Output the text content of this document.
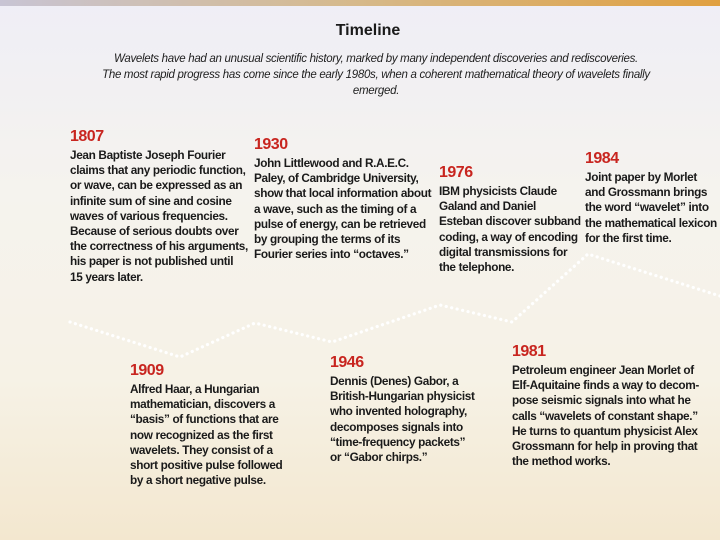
Timeline
Wavelets have had an unusual scientific history, marked by many independent discoveries and rediscoveries.
The most rapid progress has come since the early 1980s, when a coherent mathematical theory of wavelets finally emerged.
1807
Jean Baptiste Joseph Fourier
claims that any periodic function,
or wave, can be expressed as an
infinite sum of sine and cosine
waves of various frequencies.
Because of serious doubts over
the correctness of his arguments,
his paper is not published until
15 years later.
1909
Alfred Haar, a Hungarian
mathematician, discovers a
“basis” of functions that are
now recognized as the first
wavelets. They consist of a
short positive pulse followed
by a short negative pulse.
1930
John Littlewood and R.A.E.C.
Paley, of Cambridge University,
show that local information about
a wave, such as the timing of a
pulse of energy, can be retrieved
by grouping the terms of its
Fourier series into “octaves.”
1946
Dennis (Denes) Gabor, a
British-Hungarian physicist
who invented holography,
decomposes signals into
“time-frequency packets”
or “Gabor chirps.”
1976
IBM physicists Claude
Galand and Daniel
Esteban discover subband
coding, a way of encoding
digital transmissions for
the telephone.
1981
Petroleum engineer Jean Morlet of
Elf-Aquitaine finds a way to decom-
pose seismic signals into what he
calls “wavelets of constant shape.”
He turns to quantum physicist Alex
Grossmann for help in proving that
the method works.
1984
Joint paper by Morlet
and Grossmann brings
the word “wavelet” into
the mathematical lexicon
for the first time.
